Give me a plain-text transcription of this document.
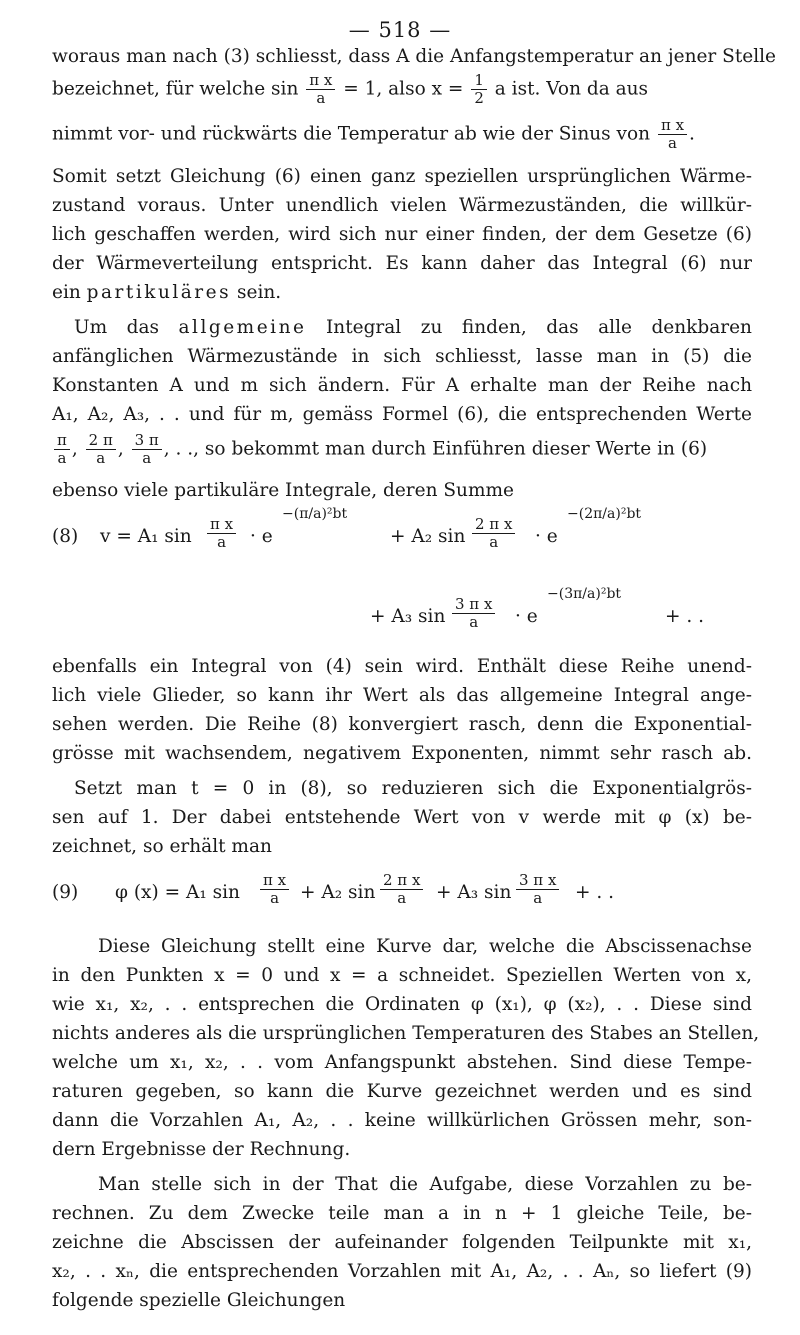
— 518 —
woraus man nach (3) schliesst, dass A die Anfangstemperatur an jener Stelle
bezeichnet, für welche $\sin \frac{\text{π x}}{a} = 1$, also $x = \frac{1}{2}$ a ist. Von da aus
nimmt vor- und rückwärts die Temperatur ab wie der Sinus von $\frac{\text{π x}}{a}$ .
Somit setzt Gleichung (6) einen ganz speziellen ursprünglichen Wärme-
zustand voraus. Unter unendlich vielen Wärmezuständen, die willkür-
lich geschaffen werden, wird sich nur einer finden, der dem Gesetze (6)
der Wärmeverteilung entspricht. Es kann daher das Integral (6) nur
ein partikuläres sein.
Um das allgemeine Integral zu finden, das alle denkbaren
anfänglichen Wärmezustände in sich schliesst, lasse man in (5) die
Konstanten A und m sich ändern. Für A erhalte man der Reihe nach
A₁, A₂, A₃, . . und für m, gemäss Formel (6), die entsprechenden Werte
$\frac{\pi}{a}$ , $\frac{2 \pi}{a}$ , $\frac{3 \pi}{a}$ , . ., so bekommt man durch Einführen dieser Werte in (6)
ebenso viele partikuläre Integrale, deren Summe
(8) v = A₁ $\sin \frac{\text{π x}}{a} \cdot e$
−(π/a)²bt
+ A₂ $\sin \frac{\text{2 π x}}{a} \cdot e$
−(2π/a)²bt
+ A₃ $\sin \frac{\text{3 π x}}{a} \cdot e$
−(3π/a)²bt
+ . .
ebenfalls ein Integral von (4) sein wird. Enthält diese Reihe unend-
lich viele Glieder, so kann ihr Wert als das allgemeine Integral ange-
sehen werden. Die Reihe (8) konvergiert rasch, denn die Exponential-
grösse mit wachsendem, negativem Exponenten, nimmt sehr rasch ab.
Setzt man t = 0 in (8), so reduzieren sich die Exponentialgrös-
sen auf 1. Der dabei entstehende Wert von v werde mit φ (x) be-
zeichnet, so erhält man
(9) φ (x) = A₁ $\sin \frac{\text{π x}}{a} + A_2$ $\sin \frac{\text{2 π x}}{a} + A_3$ $\sin \frac{\text{3 π x}}{a}$ + . .
Diese Gleichung stellt eine Kurve dar, welche die Abscissenachse
in den Punkten x = 0 und x = a schneidet. Speziellen Werten von x,
wie x₁, x₂, . . entsprechen die Ordinaten φ (x₁), φ (x₂), . . Diese sind
nichts anderes als die ursprünglichen Temperaturen des Stabes an Stellen,
welche um x₁, x₂, . . vom Anfangspunkt abstehen. Sind diese Tempe-
raturen gegeben, so kann die Kurve gezeichnet werden und es sind
dann die Vorzahlen A₁, A₂, . . keine willkürlichen Grössen mehr, son-
dern Ergebnisse der Rechnung.
Man stelle sich in der That die Aufgabe, diese Vorzahlen zu be-
rechnen. Zu dem Zwecke teile man a in n + 1 gleiche Teile, be-
zeichne die Abscissen der aufeinander folgenden Teilpunkte mit x₁,
x₂, . . xₙ, die entsprechenden Vorzahlen mit A₁, A₂, . . Aₙ, so liefert (9)
folgende spezielle Gleichungen
